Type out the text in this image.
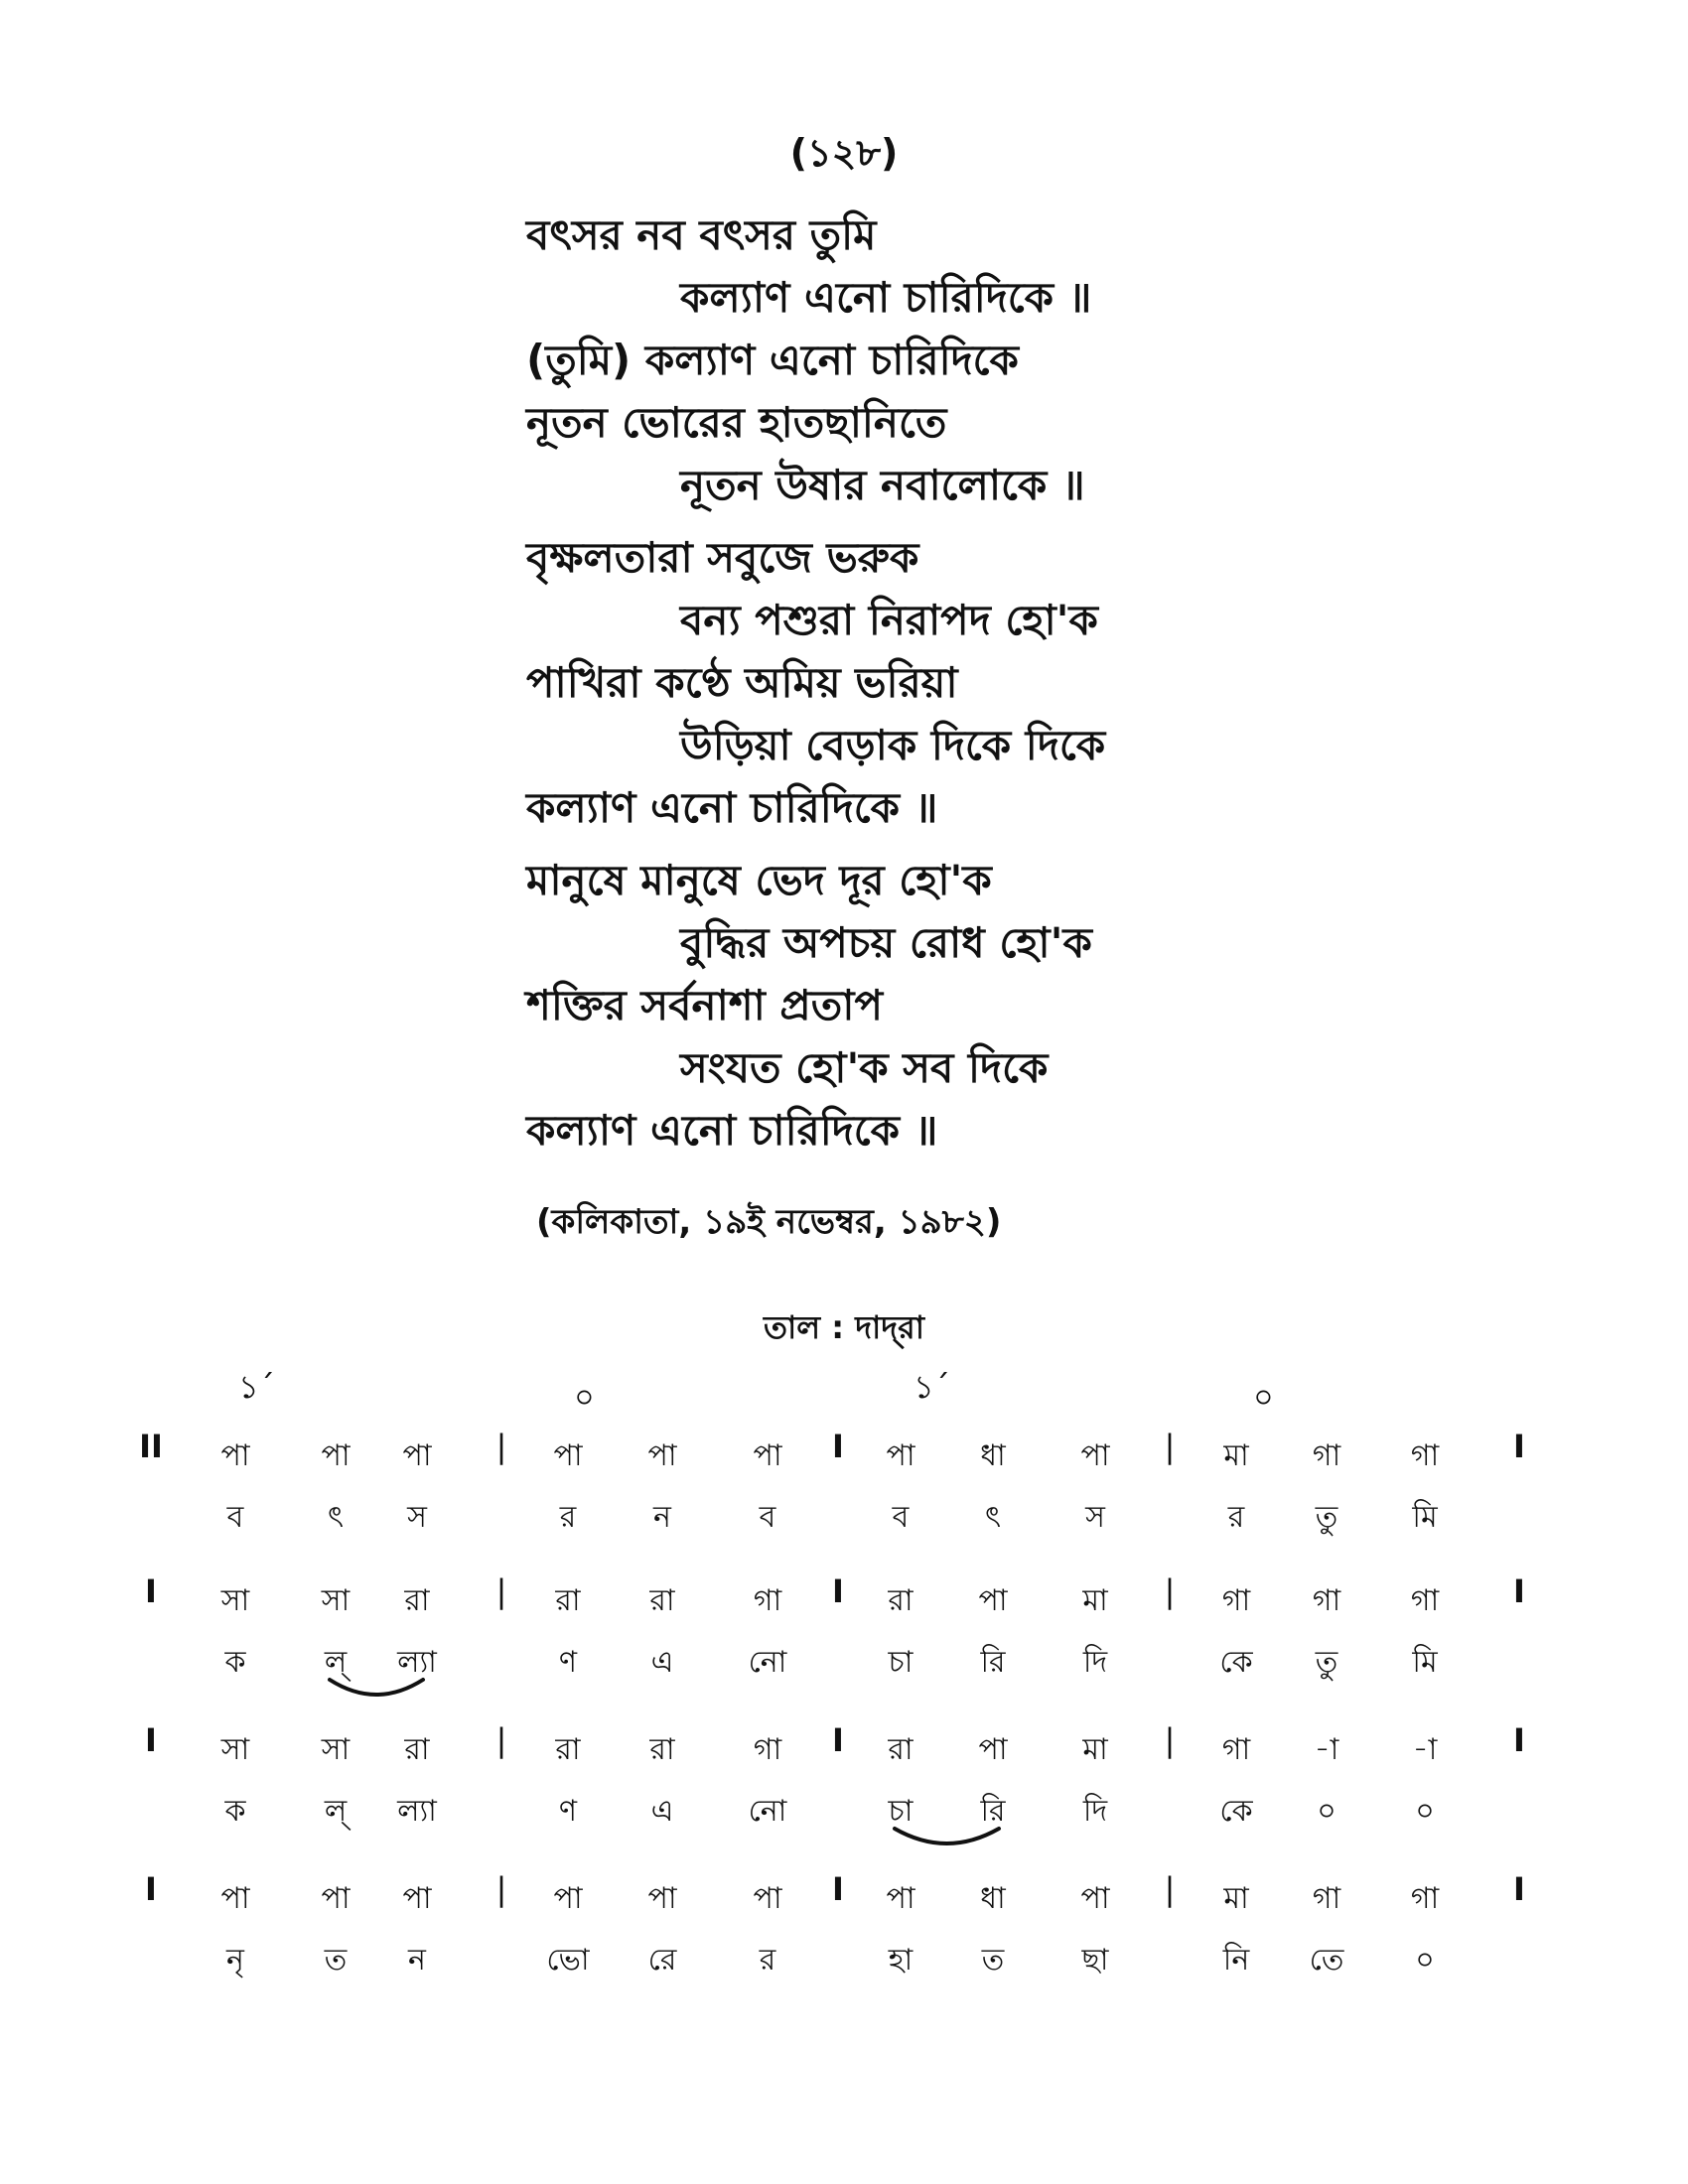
(১২৮)
বৎসর নব বৎসর তুমি
কল্যাণ এনো চারিদিকে ॥
(তুমি) কল্যাণ এনো চারিদিকে
নূতন ভোরের হাতছানিতে
নূতন উষার নবালোকে ॥
বৃক্ষলতারা সবুজে ভরুক
বন্য পশুরা নিরাপদ হো'ক
পাখিরা কণ্ঠে অমিয় ভরিয়া
উড়িয়া বেড়াক দিকে দিকে
কল্যাণ এনো চারিদিকে ॥
মানুষে মানুষে ভেদ দূর হো'ক
বুদ্ধির অপচয় রোধ হো'ক
শক্তির সর্বনাশা প্রতাপ
সংযত হো'ক সব দিকে
কল্যাণ এনো চারিদিকে ॥
(কলিকাতা, ১৯ই নভেম্বর, ১৯৮২)
তাল : দাদ্‌রা
১´	০	১´	০
II	|	I	|	I
পা	পা	পা	পা	পা	পা	পা	ধা	পা	মা	গা	গা
ব	ৎ	স	র	ন	ব	ব	ৎ	স	র	তু	মি
I	|	I	|	I
সা	সা	রা	রা	রা	গা	রা	পা	মা	গা	গা	গা
ক	ল্	ল্যা	ণ	এ	নো	চা	রি	দি	কে	তু	মি
I	|	I	|	I
সা	সা	রা	রা	রা	গা	রা	পা	মা	গা	-া	-া
ক	ল্	ল্যা	ণ	এ	নো	চা	রি	দি	কে	০	০
I	|	I	|	I
পা	পা	পা	পা	পা	পা	পা	ধা	পা	মা	গা	গা
নৃ	ত	ন	ভো	রে	র	হা	ত	ছা	নি	তে	০
